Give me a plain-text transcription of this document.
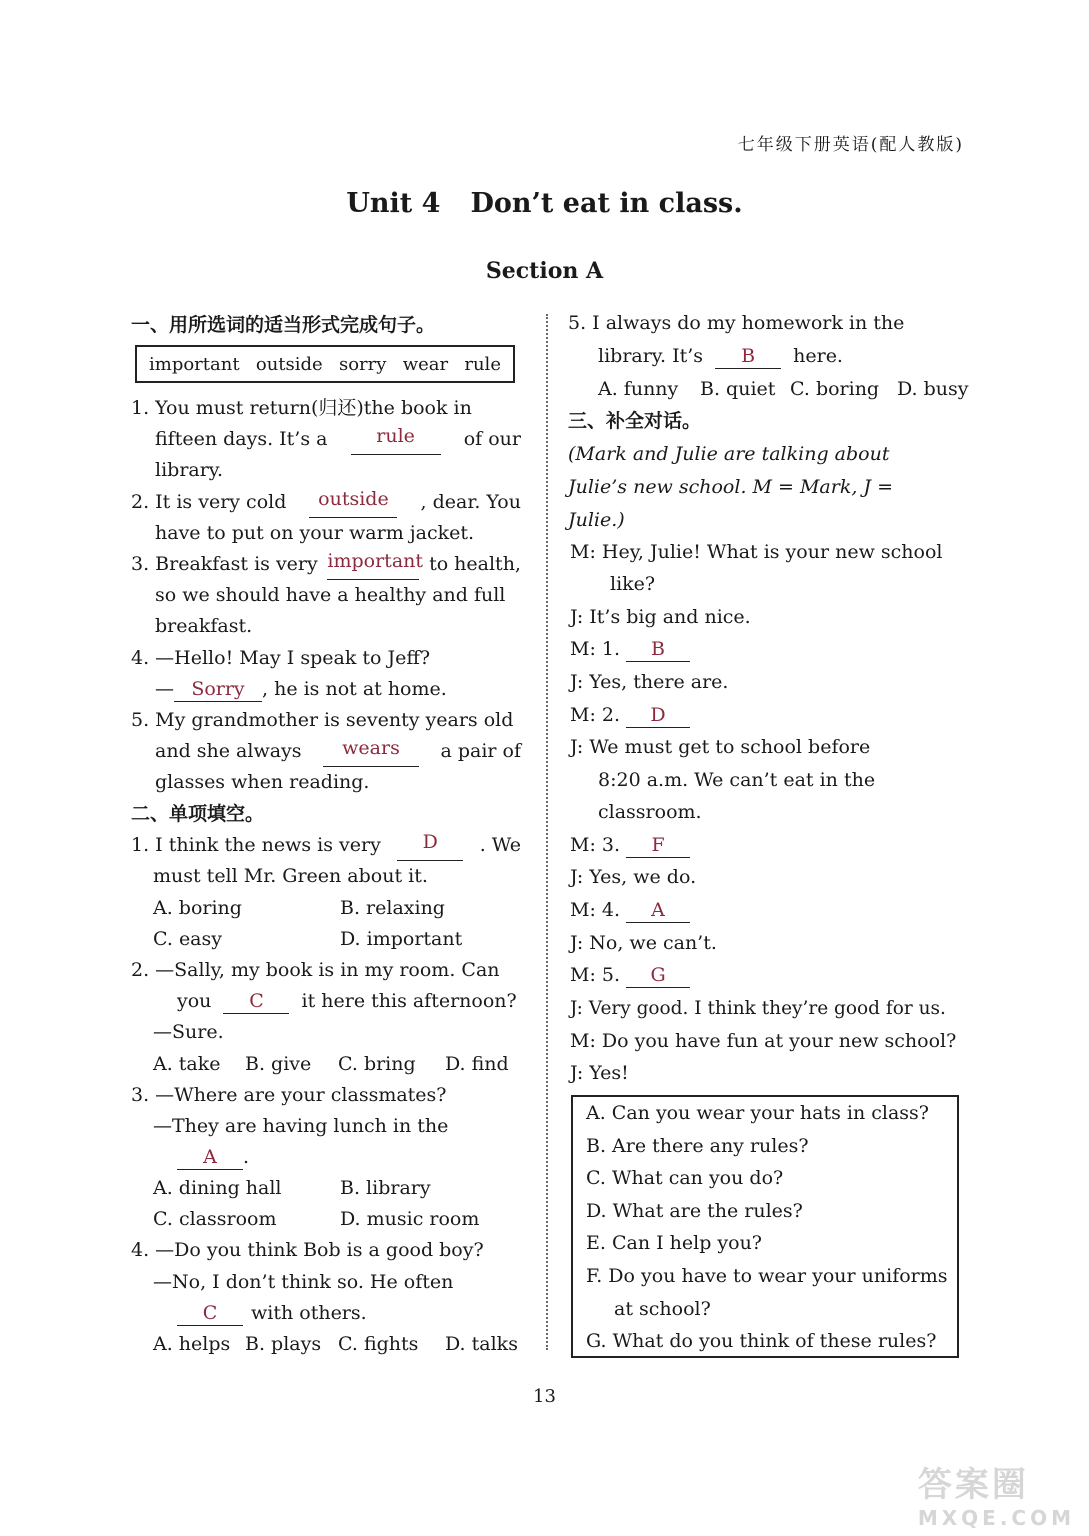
七年级下册英语(配人教版)
Unit 4 Don’t eat in class.
Section A
一、用所选词的适当形式完成句子。
important outside sorry wear rule
1. You must return(归还)the book in
fifteen days. It’s a	rule	of our
library.
2. It is very cold	outside	, dear. You
have to put on your warm jacket.
3. Breakfast is very important to health,
so we should have a healthy and full
breakfast.
4. —Hello! May I speak to Jeff?
— Sorry , he is not at home.
5. My grandmother is seventy years old
and she always	wears	a pair of
glasses when reading.
二、单项填空。
1. I think the news is very	D	. We
must tell Mr. Green about it.
A. boring	B. relaxing
C. easy	D. important
2. —Sally, my book is in my room. Can
you C it here this afternoon?
—Sure.
A. take B. give C. bring D. find
3. —Where are your classmates?
—They are having lunch in the
A .
A. dining hall	B. library
C. classroom	D. music room
4. —Do you think Bob is a good boy?
—No, I don’t think so. He often
C with others.
A. helps B. plays C. fights D. talks
5. I always do my homework in the
library. It’s B here.
A. funny B. quiet C. boring D. busy
三、补全对话。
(Mark and Julie are talking about
Julie’s new school. M = Mark, J =
Julie.)
M: Hey, Julie! What is your new school
like?
J: It’s big and nice.
M: 1. B
J: Yes, there are.
M: 2. D
J: We must get to school before
8:20 a.m. We can’t eat in the
classroom.
M: 3. F
J: Yes, we do.
M: 4. A
J: No, we can’t.
M: 5. G
J: Very good. I think they’re good for us.
M: Do you have fun at your new school?
J: Yes!
A. Can you wear your hats in class?
B. Are there any rules?
C. What can you do?
D. What are the rules?
E. Can I help you?
F. Do you have to wear your uniforms
at school?
G. What do you think of these rules?
13
答案圈
MXQE.COM
